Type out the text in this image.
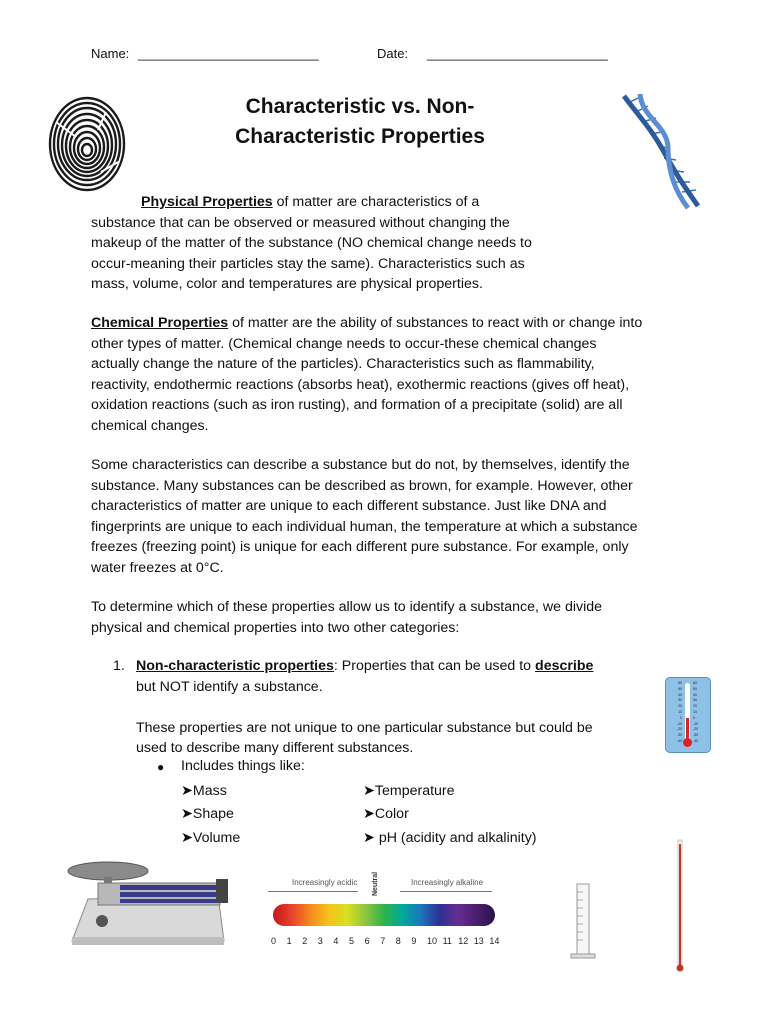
Name: _________________________	Date: _________________________
Characteristic vs. Non-
Characteristic Properties
Physical Properties of matter are characteristics of a
substance that can be observed or measured without changing the
makeup of the matter of the substance (NO chemical change needs to
occur-meaning their particles stay the same). Characteristics such as
mass, volume, color and temperatures are physical properties.
Chemical Properties of matter are the ability of substances to react with or change into
other types of matter. (Chemical change needs to occur-these chemical changes
actually change the nature of the particles). Characteristics such as flammability,
reactivity, endothermic reactions (absorbs heat), exothermic reactions (gives off heat),
oxidation reactions (such as iron rusting), and formation of a precipitate (solid) are all
chemical changes.
Some characteristics can describe a substance but do not, by themselves, identify the
substance. Many substances can be described as brown, for example. However, other
characteristics of matter are unique to each different substance. Just like DNA and
fingerprints are unique to each individual human, the temperature at which a substance
freezes (freezing point) is unique for each different pure substance. For example, only
water freezes at 0°C.
To determine which of these properties allow us to identify a substance, we divide
physical and chemical properties into two other categories:
1. Non-characteristic properties: Properties that can be used to describe
but NOT identify a substance.
These properties are not unique to one particular substance but could be
used to describe many different substances.
● Includes things like:
➤Mass
➤Shape
➤Volume
➤Temperature
➤Color
➤ pH (acidity and alkalinity)
60
50
40
30
20
10
0
-10
-20
-30
-40
60
50
40
30
20
10
0
-10
-20
-30
-40
Increasingly acidic	Increasingly alkaline
Neutral
0 1 2 3 4 5 6 7 8 9 10 11 12 13 14
